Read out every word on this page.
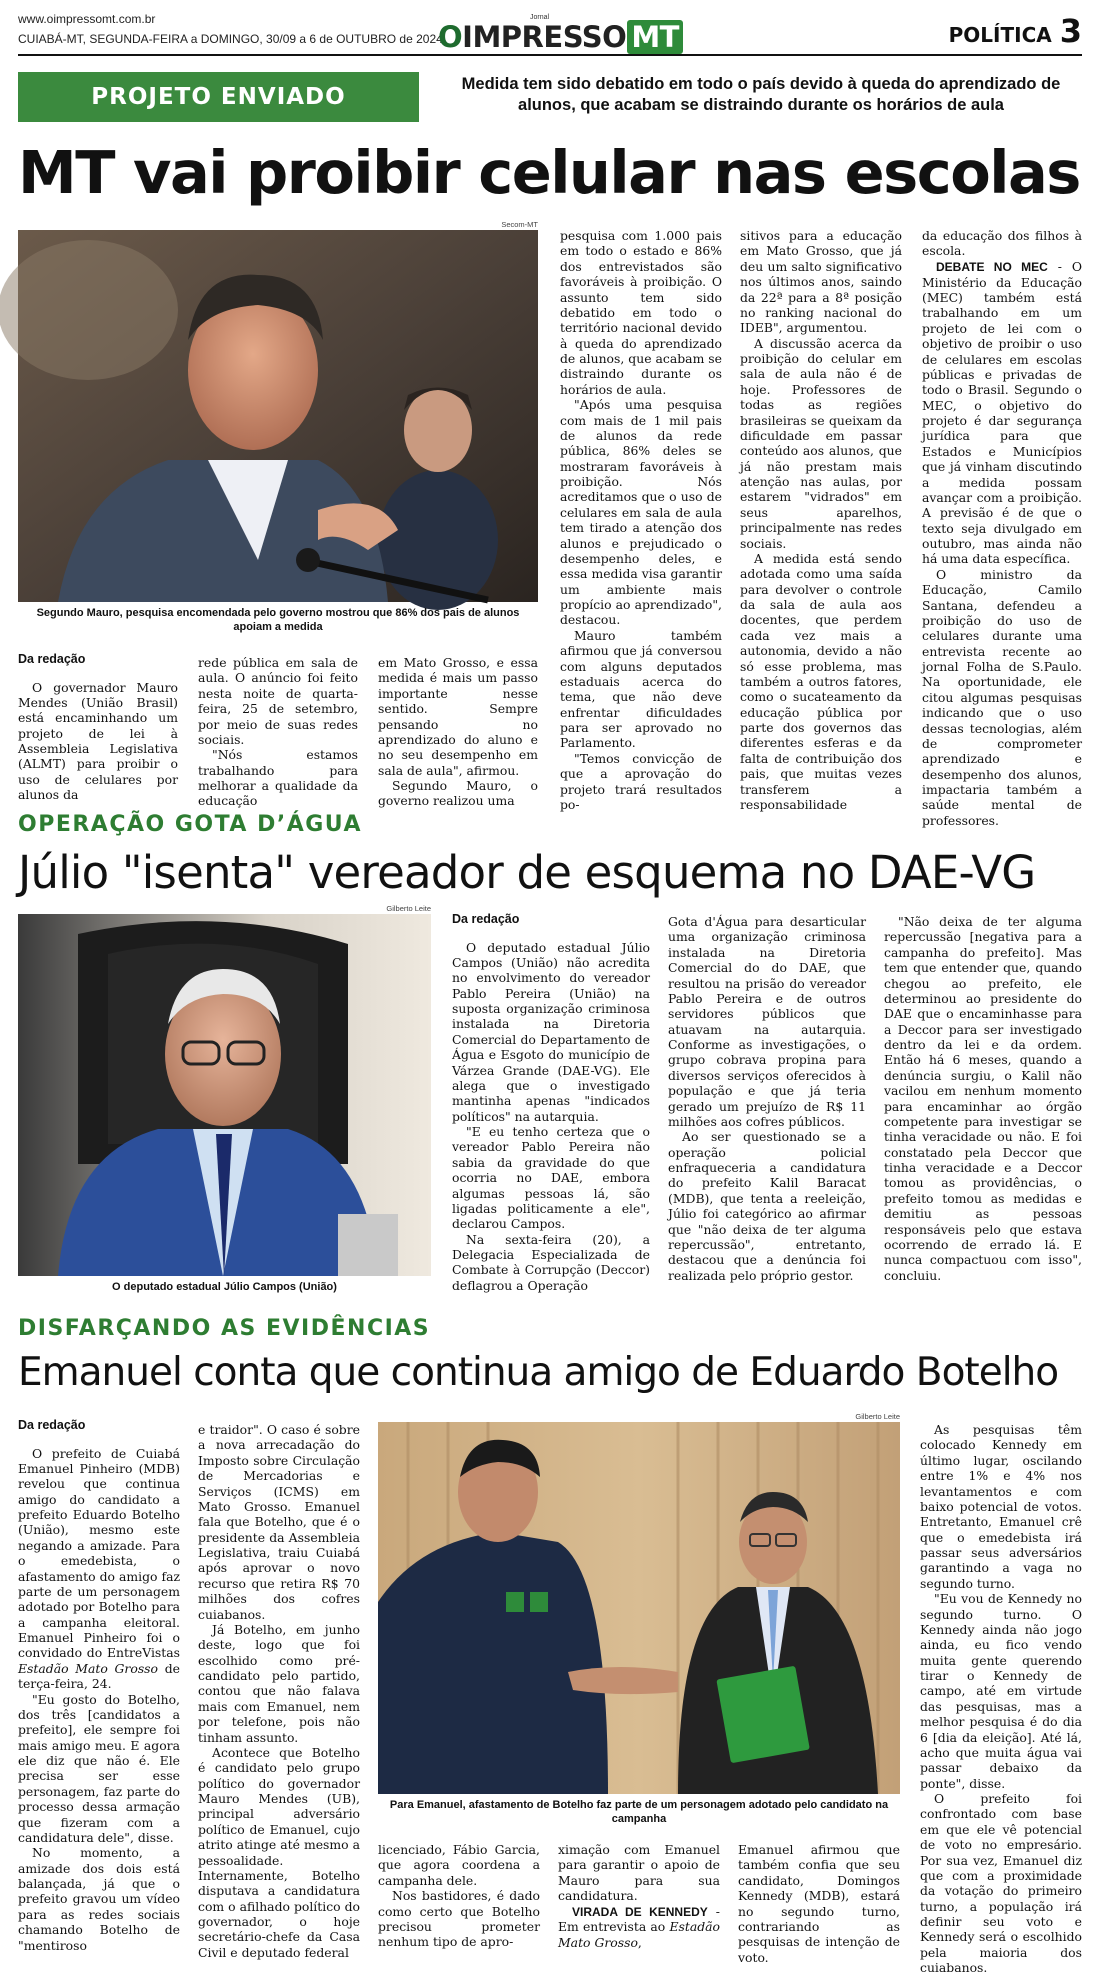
www.oimpressomt.com.br
CUIABÁ-MT, SEGUNDA-FEIRA a DOMINGO, 30/09 a 6 de OUTUBRO de 2024
Jornal
OIMPRESSO MT	POLÍTICA 3
PROJETO ENVIADO	Medida tem sido debatido em todo o país devido à queda do aprendizado de alunos, que acabam se distraindo durante os horários de aula
MT vai proibir celular nas escolas
Secom-MT
Segundo Mauro, pesquisa encomendada pelo governo mostrou que 86% dos pais de alunos apoiam a medida
Da redação

O governador Mauro Mendes (União Brasil) está encaminhando um projeto de lei à Assembleia Legislativa (ALMT) para proibir o uso de celulares por alunos da

rede pública em sala de aula. O anúncio foi feito nesta noite de quarta-feira, 25 de setembro, por meio de suas redes sociais.

"Nós estamos trabalhando para melhorar a qualidade da educação

em Mato Grosso, e essa medida é mais um passo importante nesse sentido. Sempre pensando no aprendizado do aluno e no seu desempenho em sala de aula", afirmou.

Segundo Mauro, o governo realizou uma

pesquisa com 1.000 pais em todo o estado e 86% dos entrevistados são favoráveis à proibição. O assunto tem sido debatido em todo o território nacional devido à queda do aprendizado de alunos, que acabam se distraindo durante os horários de aula.

"Após uma pesquisa com mais de 1 mil pais de alunos da rede pública, 86% deles se mostraram favoráveis à proibição. Nós acreditamos que o uso de celulares em sala de aula tem tirado a atenção dos alunos e prejudicado o desempenho deles, e essa medida visa garantir um ambiente mais propício ao aprendizado", destacou.

Mauro também afirmou que já conversou com alguns deputados estaduais acerca do tema, que não deve enfrentar dificuldades para ser aprovado no Parlamento.

"Temos convicção de que a aprovação do projeto trará resultados po-

sitivos para a educação em Mato Grosso, que já deu um salto significativo nos últimos anos, saindo da 22ª para a 8ª posição no ranking nacional do IDEB", argumentou.

A discussão acerca da proibição do celular em sala de aula não é de hoje. Professores de todas as regiões brasileiras se queixam da dificuldade em passar conteúdo aos alunos, que já não prestam mais atenção nas aulas, por estarem "vidrados" em seus aparelhos, principalmente nas redes sociais.

A medida está sendo adotada como uma saída para devolver o controle da sala de aula aos docentes, que perdem cada vez mais a autonomia, devido a não só esse problema, mas também a outros fatores, como o sucateamento da educação pública por parte dos governos das diferentes esferas e da falta de contribuição dos pais, que muitas vezes transferem a responsabilidade

da educação dos filhos à escola.

DEBATE NO MEC - O Ministério da Educação (MEC) também está trabalhando em um projeto de lei com o objetivo de proibir o uso de celulares em escolas públicas e privadas de todo o Brasil. Segundo o MEC, o objetivo do projeto é dar segurança jurídica para que Estados e Municípios que já vinham discutindo a medida possam avançar com a proibição. A previsão é de que o texto seja divulgado em outubro, mas ainda não há uma data específica.

O ministro da Educação, Camilo Santana, defendeu a proibição do uso de celulares durante uma entrevista recente ao jornal Folha de S.Paulo. Na oportunidade, ele citou algumas pesquisas indicando que o uso dessas tecnologias, além de comprometer aprendizado e desempenho dos alunos, impactaria também a saúde mental de professores.

OPERAÇÃO GOTA D’ÁGUA
Júlio "isenta" vereador de esquema no DAE-VG
Gilberto Leite
O deputado estadual Júlio Campos (União)
Da redação

O deputado estadual Júlio Campos (União) não acredita no envolvimento do vereador Pablo Pereira (União) na suposta organização criminosa instalada na Diretoria Comercial do Departamento de Água e Esgoto do município de Várzea Grande (DAE-VG). Ele alega que o investigado mantinha apenas "indicados políticos" na autarquia.

"E eu tenho certeza que o vereador Pablo Pereira não sabia da gravidade do que ocorria no DAE, embora algumas pessoas lá, são ligadas politicamente a ele", declarou Campos.

Na sexta-feira (20), a Delegacia Especializada de Combate à Corrupção (Deccor) deflagrou a Operação

Gota d'Água para desarticular uma organização criminosa instalada na Diretoria Comercial do do DAE, que resultou na prisão do vereador Pablo Pereira e de outros servidores públicos que atuavam na autarquia. Conforme as investigações, o grupo cobrava propina para diversos serviços oferecidos à população e que já teria gerado um prejuízo de R$ 11 milhões aos cofres públicos.

Ao ser questionado se a operação policial enfraqueceria a candidatura do prefeito Kalil Baracat (MDB), que tenta a reeleição, Júlio foi categórico ao afirmar que "não deixa de ter alguma repercussão", entretanto, destacou que a denúncia foi realizada pelo próprio gestor.

"Não deixa de ter alguma repercussão [negativa para a campanha do prefeito]. Mas tem que entender que, quando chegou ao prefeito, ele determinou ao presidente do DAE que o encaminhasse para a Deccor para ser investigado dentro da lei e da ordem. Então há 6 meses, quando a denúncia surgiu, o Kalil não vacilou em nenhum momento para encaminhar ao órgão competente para investigar se tinha veracidade ou não. E foi constatado pela Deccor que tinha veracidade e a Deccor tomou as providências, o prefeito tomou as medidas e demitiu as pessoas responsáveis pelo que estava ocorrendo de errado lá. E nunca compactuou com isso", concluiu.

DISFARÇANDO AS EVIDÊNCIAS
Emanuel conta que continua amigo de Eduardo Botelho
Da redação

O prefeito de Cuiabá Emanuel Pinheiro (MDB) revelou que continua amigo do candidato a prefeito Eduardo Botelho (União), mesmo este negando a amizade. Para o emedebista, o afastamento do amigo faz parte de um personagem adotado por Botelho para a campanha eleitoral. Emanuel Pinheiro foi o convidado do EntreVistas Estadão Mato Grosso de terça-feira, 24.

"Eu gosto do Botelho, dos três [candidatos a prefeito], ele sempre foi mais amigo meu. E agora ele diz que não é. Ele precisa ser esse personagem, faz parte do processo dessa armação que fizeram com a candidatura dele", disse.

No momento, a amizade dos dois está balançada, já que o prefeito gravou um vídeo para as redes sociais chamando Botelho de "mentiroso

e traidor". O caso é sobre a nova arrecadação do Imposto sobre Circulação de Mercadorias e Serviços (ICMS) em Mato Grosso. Emanuel fala que Botelho, que é o presidente da Assembleia Legislativa, traiu Cuiabá após aprovar o novo recurso que retira R$ 70 milhões dos cofres cuiabanos.

Já Botelho, em junho deste, logo que foi escolhido como pré-candidato pelo partido, contou que não falava mais com Emanuel, nem por telefone, pois não tinham assunto.

Acontece que Botelho é candidato pelo grupo político do governador Mauro Mendes (UB), principal adversário político de Emanuel, cujo atrito atinge até mesmo a pessoalidade. Internamente, Botelho disputava a candidatura com o afilhado político do governador, o hoje secretário-chefe da Casa Civil e deputado federal

Gilberto Leite
Para Emanuel, afastamento de Botelho faz parte de um personagem adotado pelo candidato na campanha

licenciado, Fábio Garcia, que agora coordena a campanha dele.

Nos bastidores, é dado como certo que Botelho precisou prometer nenhum tipo de apro-

ximação com Emanuel para garantir o apoio de Mauro para sua candidatura.

VIRADA DE KENNEDY - Em entrevista ao Estadão Mato Grosso,

Emanuel afirmou que também confia que seu candidato, Domingos Kennedy (MDB), estará no segundo turno, contrariando as pesquisas de intenção de voto.

As pesquisas têm colocado Kennedy em último lugar, oscilando entre 1% e 4% nos levantamentos e com baixo potencial de votos. Entretanto, Emanuel crê que o emedebista irá passar seus adversários garantindo a vaga no segundo turno.

"Eu vou de Kennedy no segundo turno. O Kennedy ainda não jogo ainda, eu fico vendo muita gente querendo tirar o Kennedy de campo, até em virtude das pesquisas, mas a melhor pesquisa é do dia 6 [dia da eleição]. Até lá, acho que muita água vai passar debaixo da ponte", disse.

O prefeito foi confrontado com base em que ele vê potencial de voto no empresário. Por sua vez, Emanuel diz que com a proximidade da votação do primeiro turno, a população irá definir seu voto e Kennedy será o escolhido pela maioria dos cuiabanos.
